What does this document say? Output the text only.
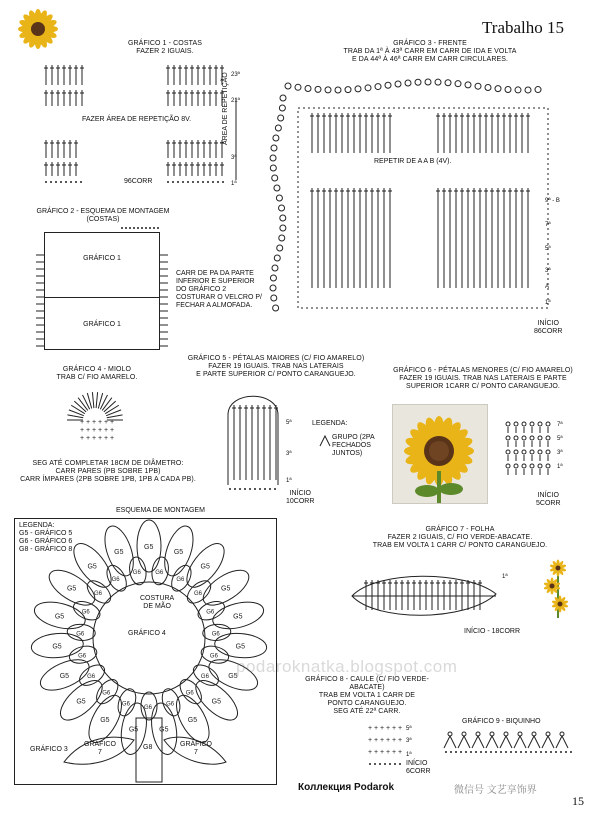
Trabalho 15
GRÁFICO 1 - COSTAS
FAZER 2 IGUAIS.
FAZER ÁREA DE REPETIÇÃO 8V.
96CORR
23ª
21ª
3ª
1ª
ÁREA DE REPETIÇÃO
GRÁFICO 2 - ESQUEMA DE MONTAGEM
(COSTAS)
GRÁFICO 1
GRÁFICO 1
CARR DE PA DA PARTE
INFERIOR E SUPERIOR
DO GRÁFICO 2
COSTURAR O VELCRO P/
FECHAR A ALMOFADA.
GRÁFICO 3 - FRENTE
TRAB DA 1ª À 43ª CARR EM CARR DE IDA E VOLTA
E DA 44ª À 46ª CARR EM CARR CIRCULARES.
REPETIR DE A A B (4V).
9ª - B
7ª
5ª
3ª
A
1ª
INÍCIO
86CORR
GRÁFICO 4 - MIOLO
TRAB C/ FIO AMARELO.
+ + + + + +
+ + + + + +
+ + + + + +
SEG ATÉ COMPLETAR 18CM DE DIÂMETRO:
CARR PARES (PB SOBRE 1PB)
CARR ÍMPARES (2PB SOBRE 1PB, 1PB A CADA PB).
GRÁFICO 5 - PÉTALAS MAIORES (C/ FIO AMARELO)
FAZER 19 IGUAIS. TRAB NAS LATERAIS
E PARTE SUPERIOR C/ PONTO CARANGUEJO.
5ª
3ª
1ª
INÍCIO
10CORR
LEGENDA:
GRUPO (2PA
FECHADOS
JUNTOS)
GRÁFICO 6 - PÉTALAS MENORES (C/ FIO AMARELO)
FAZER 19 IGUAIS. TRAB NAS LATERAIS E PARTE
SUPERIOR 1CARR C/ PONTO CARANGUEJO.
7ª
5ª
3ª
1ª
INÍCIO
5CORR
ESQUEMA DE MONTAGEM
LEGENDA:
G5 - GRÁFICO 5
G6 - GRÁFICO 6
G8 - GRÁFICO 8	G5
G5
G5
G5
G5
G5
G5
G5
G5
G5
G5
G5
G5
G5
G5
G5
G5
G5
G5
G6
G6
G6
G6
G6
G6
G6
G6
G6
G6
G6
G6
G6
G6
G6
G6
G6
G6
G6
GRÁFICO 4
COSTURA
DE MÃO
GRÁFICO 3
GRÁFICO
7
GRÁFICO
7
G8
GRÁFICO 7 - FOLHA
FAZER 2 IGUAIS, C/ FIO VERDE-ABACATE.
TRAB EM VOLTA 1 CARR C/ PONTO CARANGUEJO.
1ª
INÍCIO - 18CORR
podaroknatka.blogspot.com
GRÁFICO 8 - CAULE (C/ FIO VERDE-ABACATE)
TRAB EM VOLTA 1 CARR DE
PONTO CARANGUEJO.
SEG ATÉ 22ª CARR.
+ + + + + +
+ + + + + +
+ + + + + +
5ª
3ª
1ª
INÍCIO
6CORR
GRÁFICO 9 - BIQUINHO
Коллекция Podarok	微信号 文艺享饰界
15
